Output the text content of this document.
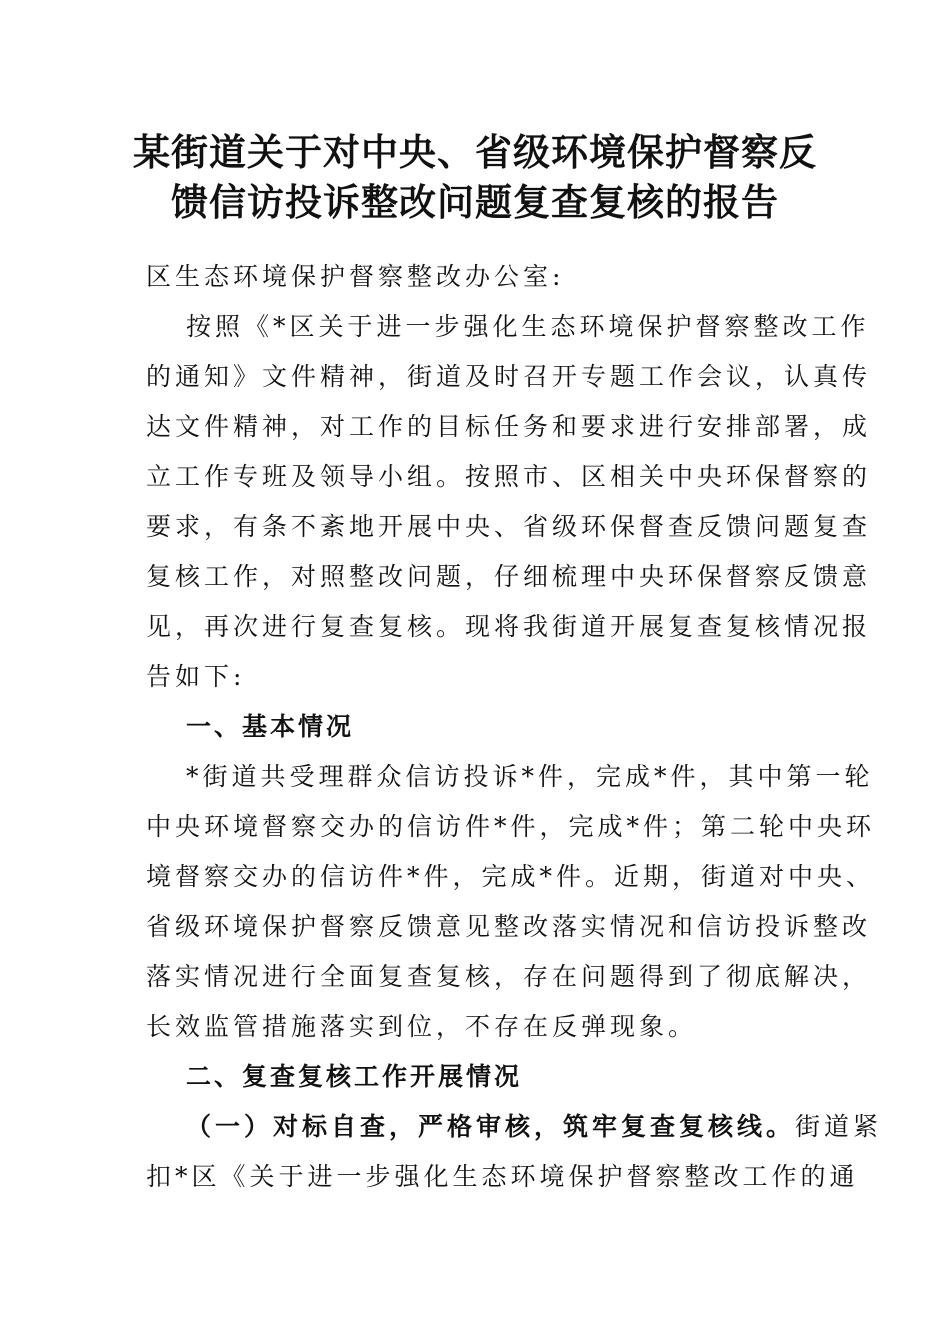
某街道关于对中央、省级环境保护督察反
馈信访投诉整改问题复查复核的报告
区生态环境保护督察整改办公室:
按照《*区关于进一步强化生态环境保护督察整改工作
的通知》文件精神，街道及时召开专题工作会议，认真传
达文件精神，对工作的目标任务和要求进行安排部署，成
立工作专班及领导小组。按照市、区相关中央环保督察的
要求，有条不紊地开展中央、省级环保督查反馈问题复查
复核工作，对照整改问题，仔细梳理中央环保督察反馈意
见，再次进行复查复核。现将我街道开展复查复核情况报
告如下:
一、基本情况
*街道共受理群众信访投诉*件，完成*件，其中第一轮
中央环境督察交办的信访件*件，完成*件；第二轮中央环
境督察交办的信访件*件，完成*件。近期，街道对中央、
省级环境保护督察反馈意见整改落实情况和信访投诉整改
落实情况进行全面复查复核，存在问题得到了彻底解决，
长效监管措施落实到位，不存在反弹现象。
二、复查复核工作开展情况
（一）对标自查，严格审核，筑牢复查复核线。街道紧
扣*区《关于进一步强化生态环境保护督察整改工作的通
